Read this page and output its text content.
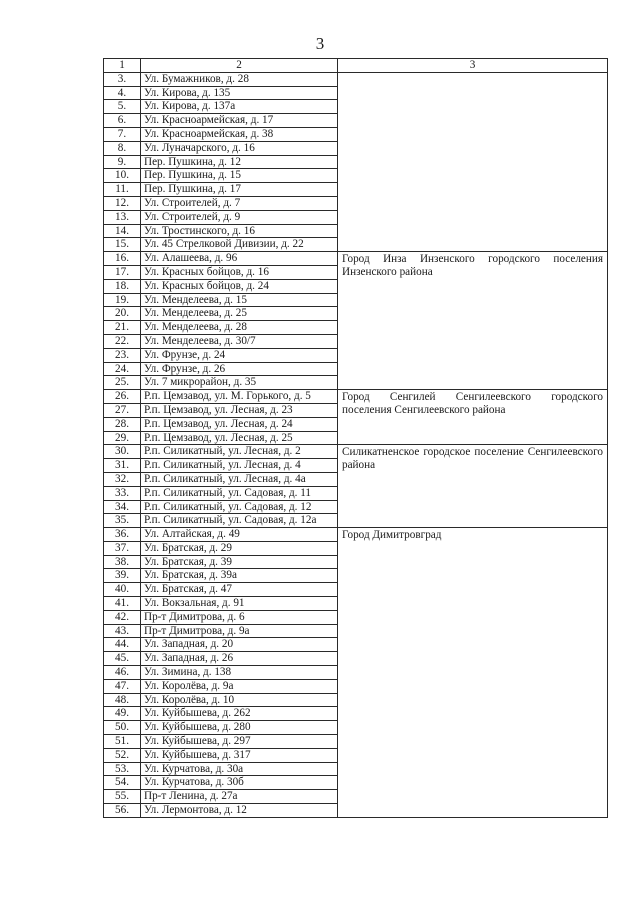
3
1	2	3
3.	Ул. Бумажников, д. 28	
4.	Ул. Кирова, д. 135	
5.	Ул. Кирова, д. 137а	
6.	Ул. Красноармейская, д. 17	
7.	Ул. Красноармейская, д. 38	
8.	Ул. Луначарского, д. 16	
9.	Пер. Пушкина, д. 12	
10.	Пер. Пушкина, д. 15	
11.	Пер. Пушкина, д. 17	
12.	Ул. Строителей, д. 7	
13.	Ул. Строителей, д. 9	
14.	Ул. Тростинского, д. 16	
15.	Ул. 45 Стрелковой Дивизии, д. 22	
16.	Ул. Алашеева, д. 96	Город Инза Инзенского городского поселения Инзенского района
17.	Ул. Красных бойцов, д. 16	
18.	Ул. Красных бойцов, д. 24	
19.	Ул. Менделеева, д. 15	
20.	Ул. Менделеева, д. 25	
21.	Ул. Менделеева, д. 28	
22.	Ул. Менделеева, д. 30/7	
23.	Ул. Фрунзе, д. 24	
24.	Ул. Фрунзе, д. 26	
25.	Ул. 7 микрорайон, д. 35	
26.	Р.п. Цемзавод, ул. М. Горького, д. 5	Город Сенгилей Сенгилеевского городского поселения Сенгилеевского района
27.	Р.п. Цемзавод, ул. Лесная, д. 23	
28.	Р.п. Цемзавод, ул. Лесная, д. 24	
29.	Р.п. Цемзавод, ул. Лесная, д. 25	
30.	Р.п. Силикатный, ул. Лесная, д. 2	Силикатненское городское поселение Сенгилеевского района
31.	Р.п. Силикатный, ул. Лесная, д. 4	
32.	Р.п. Силикатный, ул. Лесная, д. 4а	
33.	Р.п. Силикатный, ул. Садовая, д. 11	
34.	Р.п. Силикатный, ул. Садовая, д. 12	
35.	Р.п. Силикатный, ул. Садовая, д. 12а	
36.	Ул. Алтайская, д. 49	Город Димитровград
37.	Ул. Братская, д. 29	
38.	Ул. Братская, д. 39	
39.	Ул. Братская, д. 39а	
40.	Ул. Братская, д. 47	
41.	Ул. Вокзальная, д. 91	
42.	Пр-т Димитрова, д. 6	
43.	Пр-т Димитрова, д. 9а	
44.	Ул. Западная, д. 20	
45.	Ул. Западная, д. 26	
46.	Ул. Зимина, д. 138	
47.	Ул. Королёва, д. 9а	
48.	Ул. Королёва, д. 10	
49.	Ул. Куйбышева, д. 262	
50.	Ул. Куйбышева, д. 280	
51.	Ул. Куйбышева, д. 297	
52.	Ул. Куйбышева, д. 317	
53.	Ул. Курчатова, д. 30а	
54.	Ул. Курчатова, д. 30б	
55.	Пр-т Ленина, д. 27а	
56.	Ул. Лермонтова, д. 12	
